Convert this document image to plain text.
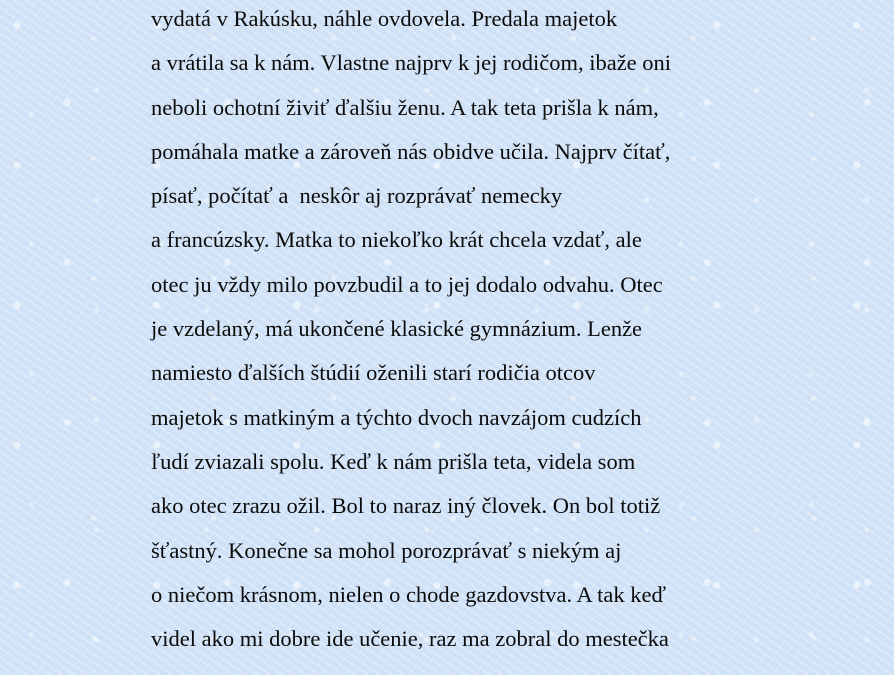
vydatá v Rakúsku, náhle ovdovela. Predala majetok
a vrátila sa k nám. Vlastne najprv k jej rodičom, ibaže oni
neboli ochotní živiť ďalšiu ženu. A tak teta prišla k nám,
pomáhala matke a zároveň nás obidve učila. Najprv čítať,
písať, počítať a  neskôr aj rozprávať nemecky
a francúzsky. Matka to niekoľko krát chcela vzdať, ale
otec ju vždy milo povzbudil a to jej dodalo odvahu. Otec
je vzdelaný, má ukončené klasické gymnázium. Lenže
namiesto ďalších štúdií oženili starí rodičia otcov
majetok s matkiným a týchto dvoch navzájom cudzích
ľudí zviazali spolu. Keď k nám prišla teta, videla som
ako otec zrazu ožil. Bol to naraz iný človek. On bol totiž
šťastný. Konečne sa mohol porozprávať s niekým aj
o niečom krásnom, nielen o chode gazdovstva. A tak keď
videl ako mi dobre ide učenie, raz ma zobral do mestečka
